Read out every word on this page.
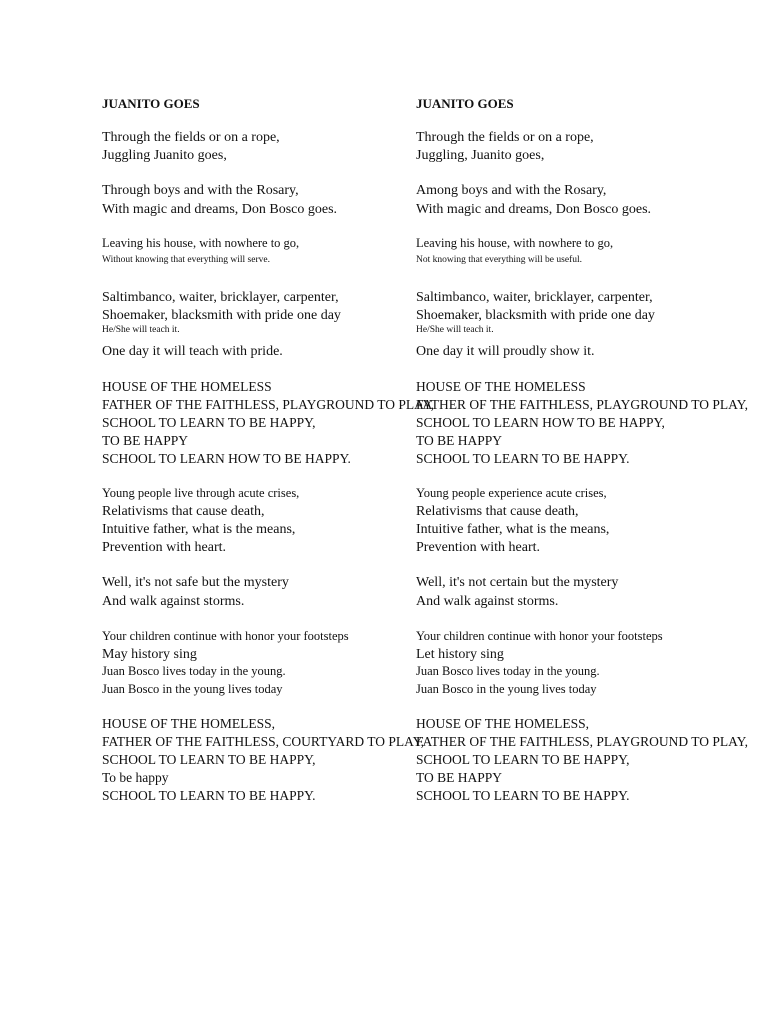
JUANITO GOES
Through the fields or on a rope,
Juggling Juanito goes,
Through boys and with the Rosary,
With magic and dreams, Don Bosco goes.
Leaving his house, with nowhere to go,
Without knowing that everything will serve.
Saltimbanco, waiter, bricklayer, carpenter,
Shoemaker, blacksmith with pride one day
He/She will teach it.
One day it will teach with pride.
HOUSE OF THE HOMELESS
FATHER OF THE FAITHLESS, PLAYGROUND TO PLAY,
SCHOOL TO LEARN TO BE HAPPY,
TO BE HAPPY
SCHOOL TO LEARN HOW TO BE HAPPY.
Young people live through acute crises,
Relativisms that cause death,
Intuitive father, what is the means,
Prevention with heart.
Well, it's not safe but the mystery
And walk against storms.
Your children continue with honor your footsteps
May history sing
Juan Bosco lives today in the young.
Juan Bosco in the young lives today
HOUSE OF THE HOMELESS,
FATHER OF THE FAITHLESS, COURTYARD TO PLAY,
SCHOOL TO LEARN TO BE HAPPY,
To be happy
SCHOOL TO LEARN TO BE HAPPY.
JUANITO GOES
Through the fields or on a rope,
Juggling, Juanito goes,
Among boys and with the Rosary,
With magic and dreams, Don Bosco goes.
Leaving his house, with nowhere to go,
Not knowing that everything will be useful.
Saltimbanco, waiter, bricklayer, carpenter,
Shoemaker, blacksmith with pride one day
He/She will teach it.
One day it will proudly show it.
HOUSE OF THE HOMELESS
FATHER OF THE FAITHLESS, PLAYGROUND TO PLAY,
SCHOOL TO LEARN HOW TO BE HAPPY,
TO BE HAPPY
SCHOOL TO LEARN TO BE HAPPY.
Young people experience acute crises,
Relativisms that cause death,
Intuitive father, what is the means,
Prevention with heart.
Well, it's not certain but the mystery
And walk against storms.
Your children continue with honor your footsteps
Let history sing
Juan Bosco lives today in the young.
Juan Bosco in the young lives today
HOUSE OF THE HOMELESS,
FATHER OF THE FAITHLESS, PLAYGROUND TO PLAY,
SCHOOL TO LEARN TO BE HAPPY,
TO BE HAPPY
SCHOOL TO LEARN TO BE HAPPY.
